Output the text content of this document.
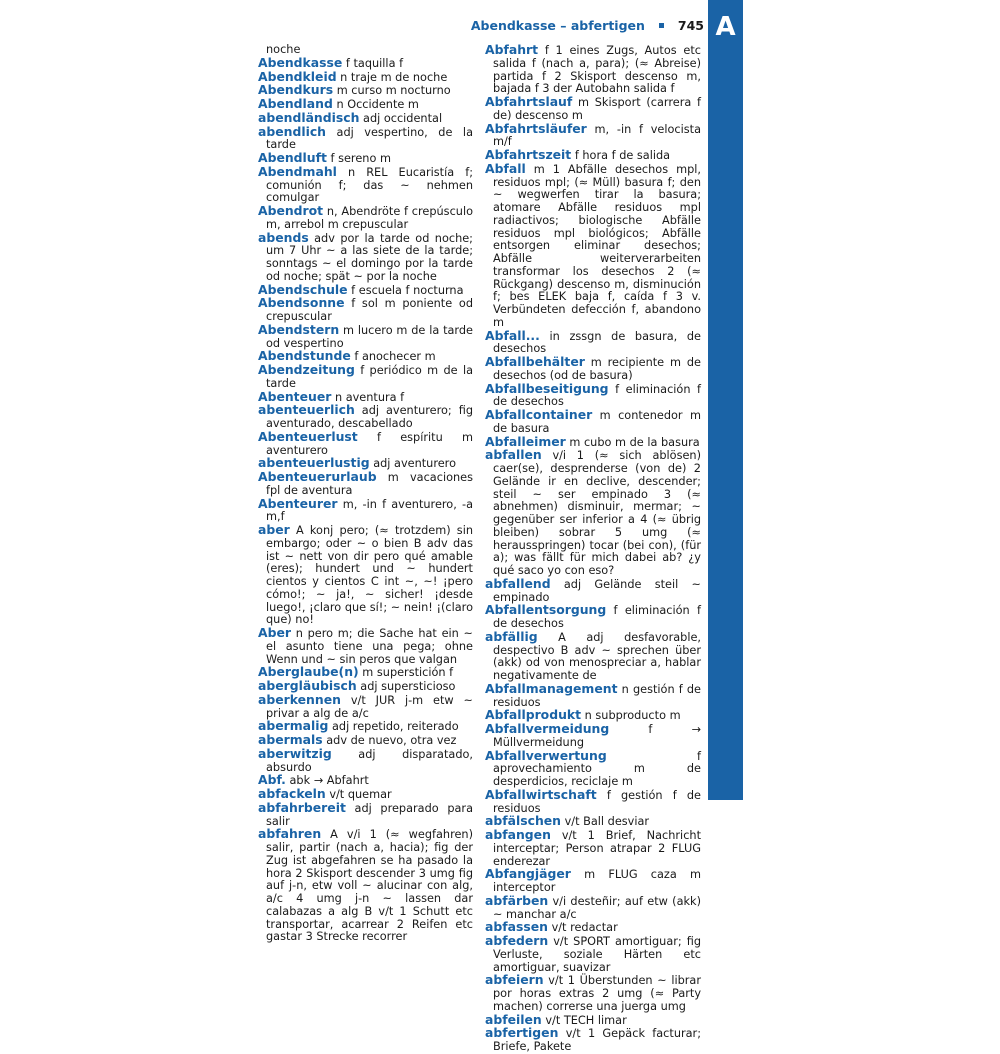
Abendkasse – abfertigen	745 A

noche

Abendkasse f taquilla f

Abendkleid n traje m de noche

Abendkurs m curso m nocturno

Abendland n Occidente m

abendländisch adj occidental

abendlich adj vespertino, de la tarde

Abendluft f sereno m

Abendmahl n REL Eucaristía f; comunión f; das ~ nehmen comulgar

Abendrot n, Abendröte f crepúsculo m, arrebol m crepuscular

abends adv por la tarde od noche; um 7 Uhr ~ a las siete de la tarde; sonntags ~ el domingo por la tarde od noche; spät ~ por la noche

Abendschule f escuela f nocturna

Abendsonne f sol m poniente od crepuscular

Abendstern m lucero m de la tarde od vespertino

Abendstunde f anochecer m

Abendzeitung f periódico m de la tarde

Abenteuer n aventura f

abenteuerlich adj aventurero; fig aventurado, descabellado

Abenteuerlust f espíritu m aventurero

abenteuerlustig adj aventurero

Abenteuerurlaub m vacaciones fpl de aventura

Abenteurer m, -in f aventurero, -a m,f

aber A konj pero; (≈ trotzdem) sin embargo; oder ~ o bien B adv das ist ~ nett von dir pero qué amable (eres); hundert und ~ hundert cientos y cientos C int ~, ~! ¡pero cómo!; ~ ja!, ~ sicher! ¡desde luego!, ¡claro que sí!; ~ nein! ¡(claro que) no!

Aber n pero m; die Sache hat ein ~ el asunto tiene una pega; ohne Wenn und ~ sin peros que valgan

Aberglaube(n) m superstición f

abergläubisch adj supersticioso

aberkennen v/t JUR j-m etw ~ privar a alg de a/c

abermalig adj repetido, reiterado

abermals adv de nuevo, otra vez

aberwitzig adj disparatado, absurdo

Abf. abk → Abfahrt

abfackeln v/t quemar

abfahrbereit adj preparado para salir

abfahren A v/i 1 (≈ wegfahren) salir, partir (nach a, hacia); fig der Zug ist abgefahren se ha pasado la hora 2 Skisport descender 3 umg fig auf j-n, etw voll ~ alucinar con alg, a/c 4 umg j-n ~ lassen dar calabazas a alg B v/t 1 Schutt etc transportar, acarrear 2 Reifen etc gastar 3 Strecke recorrer

Abfahrt f 1 eines Zugs, Autos etc salida f (nach a, para); (≈ Abreise) partida f 2 Skisport descenso m, bajada f 3 der Autobahn salida f

Abfahrtslauf m Skisport (carrera f de) descenso m

Abfahrtsläufer m, -in f velocista m/f

Abfahrtszeit f hora f de salida

Abfall m 1 Abfälle desechos mpl, residuos mpl; (≈ Müll) basura f; den ~ wegwerfen tirar la basura; atomare Abfälle residuos mpl radiactivos; biologische Abfälle residuos mpl biológicos; Abfälle entsorgen eliminar desechos; Abfälle weiterverarbeiten transformar los desechos 2 (≈ Rückgang) descenso m, disminución f; bes ELEK baja f, caída f 3 v. Verbündeten defección f, abandono m

Abfall... in zssgn de basura, de desechos

Abfallbehälter m recipiente m de desechos (od de basura)

Abfallbeseitigung f eliminación f de desechos

Abfallcontainer m contenedor m de basura

Abfalleimer m cubo m de la basura

abfallen v/i 1 (≈ sich ablösen) caer(se), desprenderse (von de) 2 Gelände ir en declive, descender; steil ~ ser empinado 3 (≈ abnehmen) disminuir, mermar; ~ gegenüber ser inferior a 4 (≈ übrig bleiben) sobrar 5 umg (≈ herausspringen) tocar (bei con), (für a); was fällt für mich dabei ab? ¿y qué saco yo con eso?

abfallend adj Gelände steil ~ empinado

Abfallentsorgung f eliminación f de desechos

abfällig A adj desfavorable, despectivo B adv ~ sprechen über (akk) od von menospreciar a, hablar negativamente de

Abfallmanagement n gestión f de residuos

Abfallprodukt n subproducto m

Abfallvermeidung	f → Müllvermeidung

Abfallverwertung	f aprovechamiento m de desperdicios, reciclaje m

Abfallwirtschaft f gestión f de residuos

abfälschen v/t Ball desviar

abfangen v/t 1 Brief, Nachricht interceptar; Person atrapar 2 FLUG enderezar

Abfangjäger m FLUG caza m interceptor

abfärben v/i desteñir; auf etw (akk) ~ manchar a/c

abfassen v/t redactar

abfedern v/t SPORT amortiguar; fig Verluste, soziale Härten etc amortiguar, suavizar

abfeiern v/t 1 Überstunden ~ librar por horas extras 2 umg (≈ Party machen) correrse una juerga umg

abfeilen v/t TECH limar

abfertigen v/t 1 Gepäck facturar; Briefe, Pakete
